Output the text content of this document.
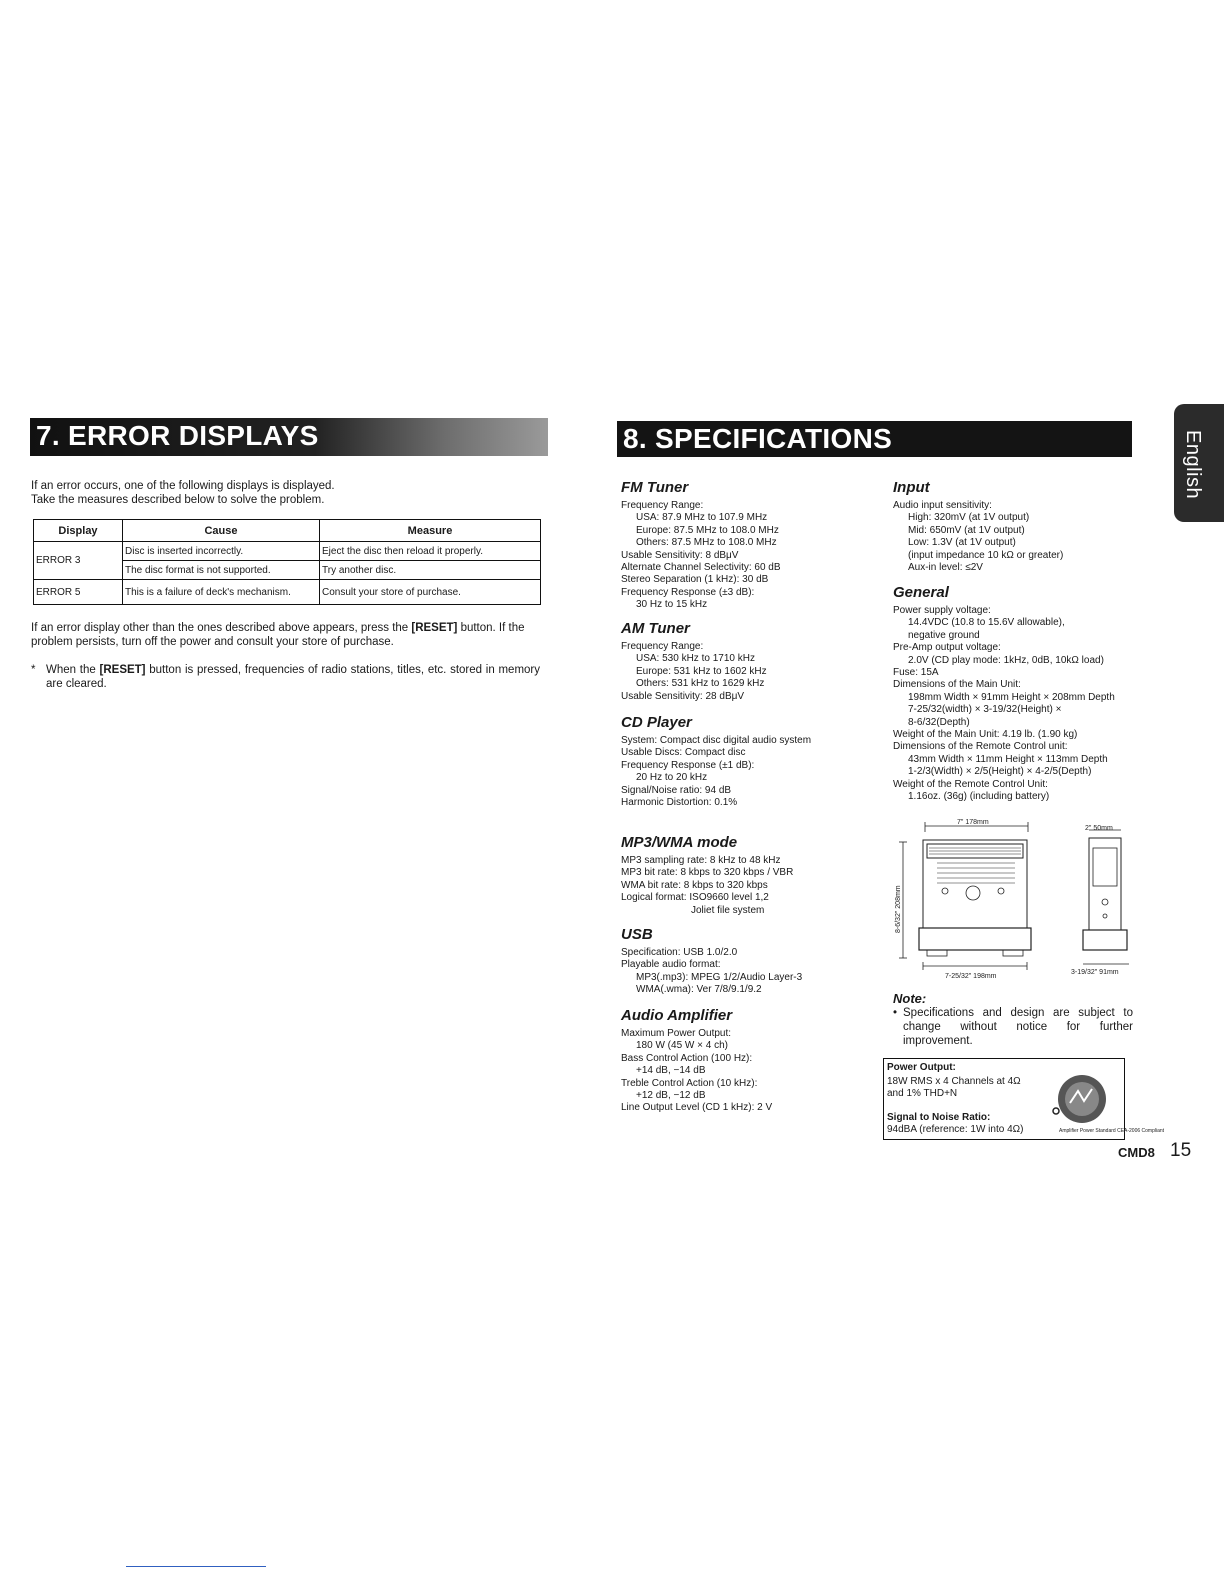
7. ERROR DISPLAYS

If an error occurs, one of the following displays is displayed.

Take the measures described below to solve the problem.

Display	Cause	Measure
ERROR 3	Disc is inserted incorrectly.	Eject the disc then reload it properly.
	The disc format is not supported.	Try another disc.
ERROR 5	This is a failure of deck's mechanism.	Consult your store of purchase.

If an error display other than the ones described above appears, press the [RESET] button. If the problem persists, turn off the power and consult your store of purchase.

* When the [RESET] button is pressed, frequencies of radio stations, titles, etc. stored in memory are cleared.

8. SPECIFICATIONS	English

FM Tuner

Frequency Range:
USA: 87.9 MHz to 107.9 MHz
Europe: 87.5 MHz to 108.0 MHz
Others: 87.5 MHz to 108.0 MHz
Usable Sensitivity: 8 dBμV
Alternate Channel Selectivity: 60 dB
Stereo Separation (1 kHz): 30 dB
Frequency Response (±3 dB):
30 Hz to 15 kHz

AM Tuner

Frequency Range:
USA: 530 kHz to 1710 kHz
Europe: 531 kHz to 1602 kHz
Others: 531 kHz to 1629 kHz
Usable Sensitivity: 28 dBμV

CD Player

System: Compact disc digital audio system
Usable Discs: Compact disc
Frequency Response (±1 dB):
20 Hz to 20 kHz
Signal/Noise ratio: 94 dB
Harmonic Distortion: 0.1%

MP3/WMA mode

MP3 sampling rate: 8 kHz to 48 kHz
MP3 bit rate: 8 kbps to 320 kbps / VBR
WMA bit rate: 8 kbps to 320 kbps
Logical format: ISO9660 level 1,2
Joliet file system

USB

Specification: USB 1.0/2.0
Playable audio format:
MP3(.mp3): MPEG 1/2/Audio Layer-3
WMA(.wma): Ver 7/8/9.1/9.2

Audio Amplifier

Maximum Power Output:
180 W (45 W × 4 ch)
Bass Control Action (100 Hz):
+14 dB, −14 dB
Treble Control Action (10 kHz):
+12 dB, −12 dB
Line Output Level (CD 1 kHz): 2 V

Input

Audio input sensitivity:
High: 320mV (at 1V output)
Mid: 650mV (at 1V output)
Low: 1.3V (at 1V output)
(input impedance 10 kΩ or greater)
Aux-in level: ≤2V

General

Power supply voltage:
14.4VDC (10.8 to 15.6V allowable),
negative ground
Pre-Amp output voltage:
2.0V (CD play mode: 1kHz, 0dB, 10kΩ load)
Fuse: 15A
Dimensions of the Main Unit:
198mm Width × 91mm Height × 208mm Depth
7-25/32(width) × 3-19/32(Height) ×
8-6/32(Depth)
Weight of the Main Unit: 4.19 lb. (1.90 kg)
Dimensions of the Remote Control unit:
43mm Width × 11mm Height × 113mm Depth
1-2/3(Width) × 2/5(Height) × 4-2/5(Depth)
Weight of the Remote Control Unit:
1.16oz. (36g) (including battery)
7" 178mm
2" 50mm
8-6/32" 208mm
7-25/32" 198mm
3-19/32" 91mm
Note:
• Specifications and design are subject to change without notice for further improvement.
Power Output:
18W RMS x 4 Channels at 4Ω
and 1% THD+N
Signal to Noise Ratio:
94dBA (reference: 1W into 4Ω)	Amplifier Power Standard CEA-2006 Compliant
CMD8 15
